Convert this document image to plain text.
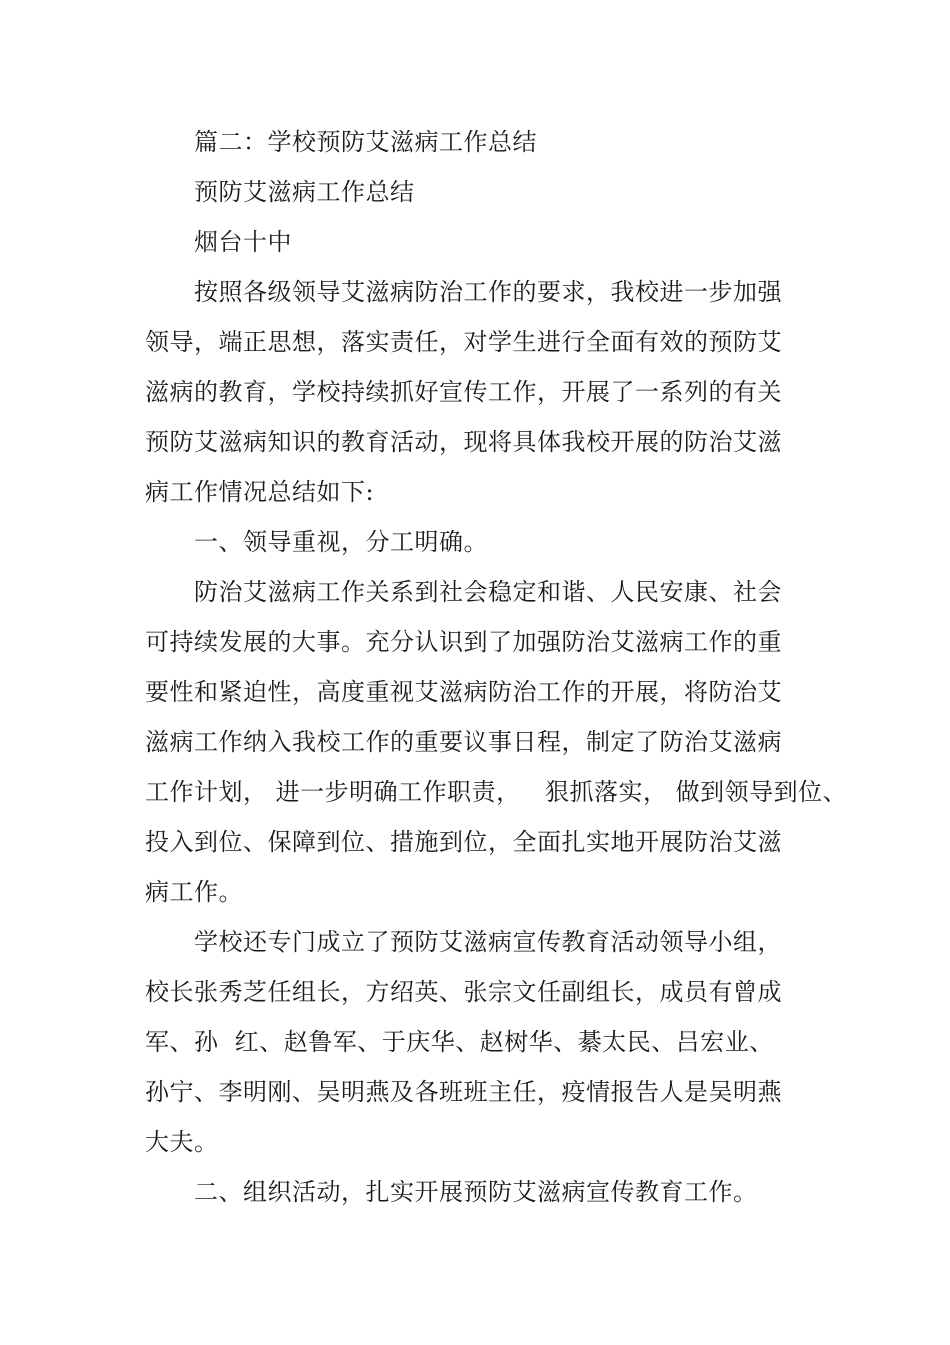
篇二：学校预防艾滋病工作总结
预防艾滋病工作总结
烟台十中
按照各级领导艾滋病防治工作的要求，我校进一步加强
领导，端正思想，落实责任，对学生进行全面有效的预防艾
滋病的教育，学校持续抓好宣传工作，开展了一系列的有关
预防艾滋病知识的教育活动，现将具体我校开展的防治艾滋
病工作情况总结如下:
一、领导重视，分工明确。
防治艾滋病工作关系到社会稳定和谐、人民安康、社会
可持续发展的大事。充分认识到了加强防治艾滋病工作的重
要性和紧迫性，高度重视艾滋病防治工作的开展，将防治艾
滋病工作纳入我校工作的重要议事日程，制定了防治艾滋病
工作计划， 进一步明确工作职责，   狠抓落实， 做到领导到位、
投入到位、保障到位、措施到位，全面扎实地开展防治艾滋
病工作。
学校还专门成立了预防艾滋病宣传教育活动领导小组，
校长张秀芝任组长，方绍英、张宗文任副组长，成员有曾成
军、孙  红、赵鲁军、于庆华、赵树华、綦太民、吕宏业、
孙宁、李明刚、吴明燕及各班班主任，疫情报告人是吴明燕
大夫。
二、组织活动，扎实开展预防艾滋病宣传教育工作。
